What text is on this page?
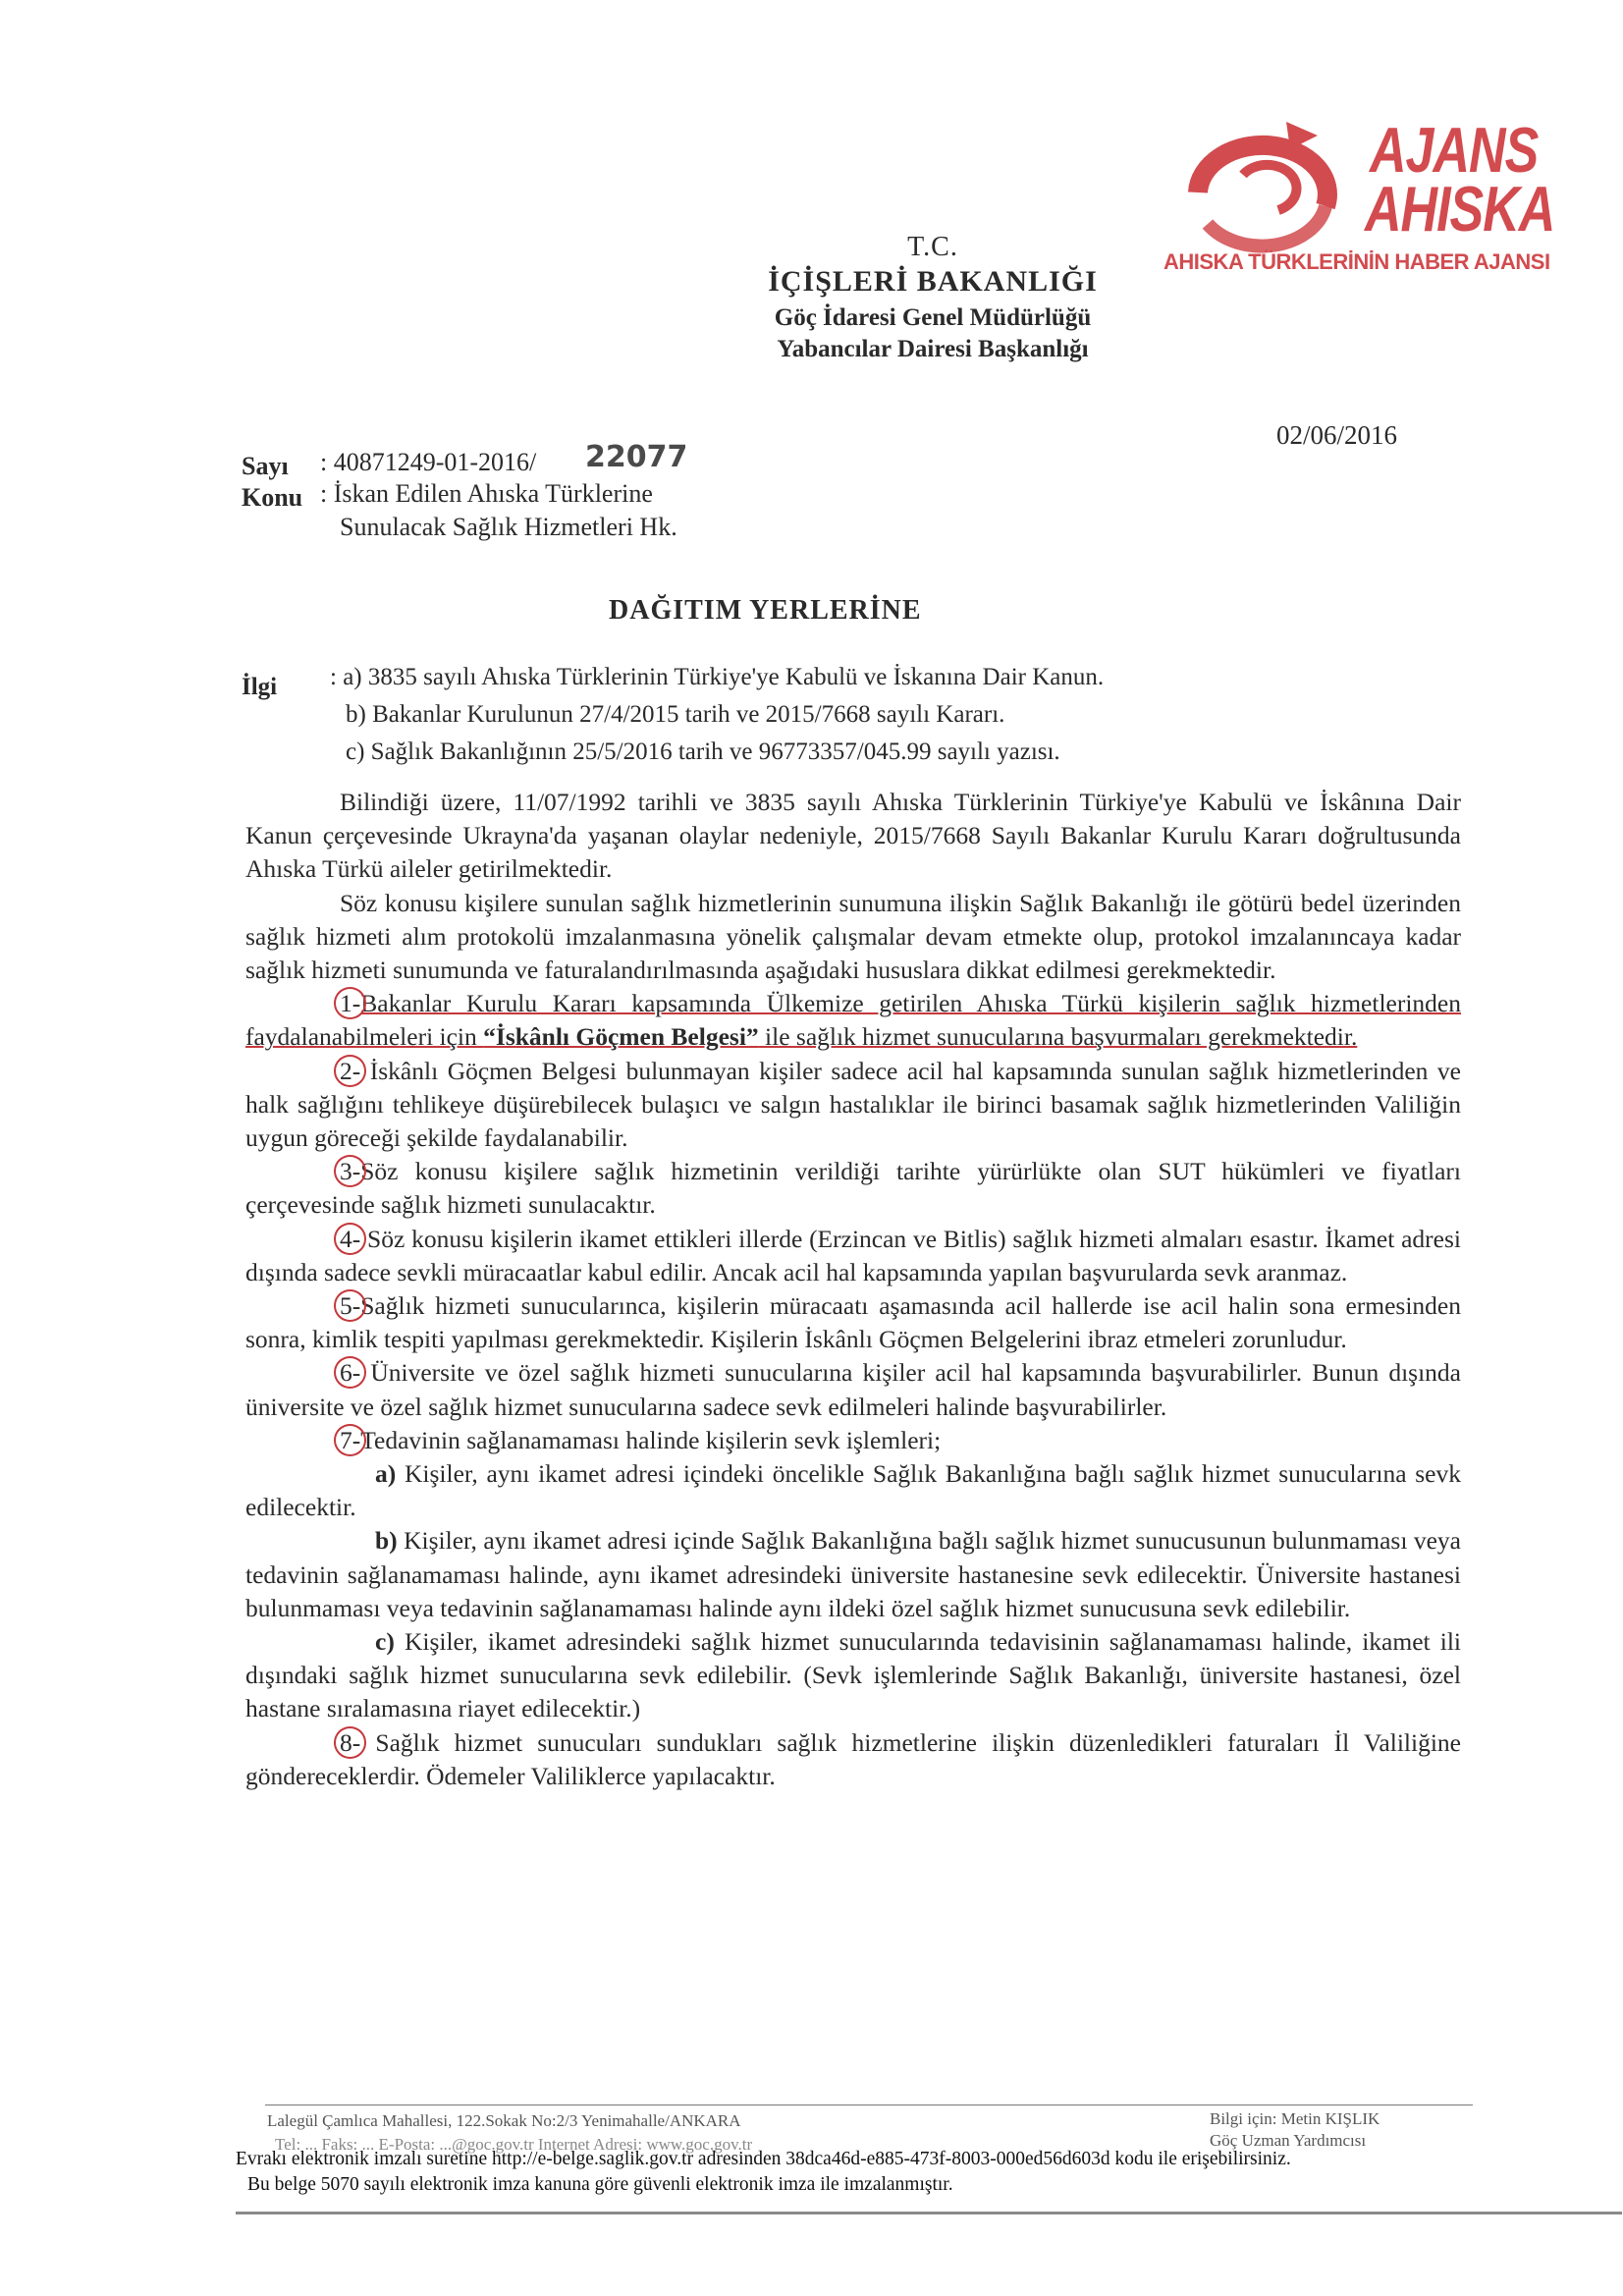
AJANS
AHISKA
AHISKA TÜRKLERİNİN HABER AJANSI
T.C.
İÇİŞLERİ BAKANLIĞI
Göç İdaresi Genel Müdürlüğü
Yabancılar Dairesi Başkanlığı
Sayı : 40871249-01-2016/ 22077
02/06/2016
Konu : İskan Edilen Ahıska Türklerine
Sunulacak Sağlık Hizmetleri Hk.
DAĞITIM YERLERİNE
İlgi : a) 3835 sayılı Ahıska Türklerinin Türkiye'ye Kabulü ve İskanına Dair Kanun.
b) Bakanlar Kurulunun 27/4/2015 tarih ve 2015/7668 sayılı Kararı.
c) Sağlık Bakanlığının 25/5/2016 tarih ve 96773357/045.99 sayılı yazısı.

Bilindiği üzere, 11/07/1992 tarihli ve 3835 sayılı Ahıska Türklerinin Türkiye'ye Kabulü ve İskânına Dair Kanun çerçevesinde Ukrayna'da yaşanan olaylar nedeniyle, 2015/7668 Sayılı Bakanlar Kurulu Kararı doğrultusunda Ahıska Türkü aileler getirilmektedir.

Söz konusu kişilere sunulan sağlık hizmetlerinin sunumuna ilişkin Sağlık Bakanlığı ile götürü bedel üzerinden sağlık hizmeti alım protokolü imzalanmasına yönelik çalışmalar devam etmekte olup, protokol imzalanıncaya kadar sağlık hizmeti sunumunda ve faturalandırılmasında aşağıdaki hususlara dikkat edilmesi gerekmektedir.

1-Bakanlar Kurulu Kararı kapsamında Ülkemize getirilen Ahıska Türkü kişilerin sağlık hizmetlerinden faydalanabilmeleri için “İskânlı Göçmen Belgesi” ile sağlık hizmet sunucularına başvurmaları gerekmektedir.

2- İskânlı Göçmen Belgesi bulunmayan kişiler sadece acil hal kapsamında sunulan sağlık hizmetlerinden ve halk sağlığını tehlikeye düşürebilecek bulaşıcı ve salgın hastalıklar ile birinci basamak sağlık hizmetlerinden Valiliğin uygun göreceği şekilde faydalanabilir.

3-Söz konusu kişilere sağlık hizmetinin verildiği tarihte yürürlükte olan SUT hükümleri ve fiyatları çerçevesinde sağlık hizmeti sunulacaktır.

4- Söz konusu kişilerin ikamet ettikleri illerde (Erzincan ve Bitlis) sağlık hizmeti almaları esastır. İkamet adresi dışında sadece sevkli müracaatlar kabul edilir. Ancak acil hal kapsamında yapılan başvurularda sevk aranmaz.

5-Sağlık hizmeti sunucularınca, kişilerin müracaatı aşamasında acil hallerde ise acil halin sona ermesinden sonra, kimlik tespiti yapılması gerekmektedir. Kişilerin İskânlı Göçmen Belgelerini ibraz etmeleri zorunludur.

6- Üniversite ve özel sağlık hizmeti sunucularına kişiler acil hal kapsamında başvurabilirler. Bunun dışında üniversite ve özel sağlık hizmet sunucularına sadece sevk edilmeleri halinde başvurabilirler.

7-Tedavinin sağlanamaması halinde kişilerin sevk işlemleri;

a) Kişiler, aynı ikamet adresi içindeki öncelikle Sağlık Bakanlığına bağlı sağlık hizmet sunucularına sevk edilecektir.

b) Kişiler, aynı ikamet adresi içinde Sağlık Bakanlığına bağlı sağlık hizmet sunucusunun bulunmaması veya tedavinin sağlanamaması halinde, aynı ikamet adresindeki üniversite hastanesine sevk edilecektir. Üniversite hastanesi bulunmaması veya tedavinin sağlanamaması halinde aynı ildeki özel sağlık hizmet sunucusuna sevk edilebilir.

c) Kişiler, ikamet adresindeki sağlık hizmet sunucularında tedavisinin sağlanamaması halinde, ikamet ili dışındaki sağlık hizmet sunucularına sevk edilebilir. (Sevk işlemlerinde Sağlık Bakanlığı, üniversite hastanesi, özel hastane sıralamasına riayet edilecektir.)

8- Sağlık hizmet sunucuları sundukları sağlık hizmetlerine ilişkin düzenledikleri faturaları İl Valiliğine göndereceklerdir. Ödemeler Valiliklerce yapılacaktır.

Lalegül Çamlıca Mahallesi, 122.Sokak No:2/3 Yenimahalle/ANKARA
Tel: ... Faks: ... E-Posta: ...@goc.gov.tr Internet Adresi: www.goc.gov.tr
Bilgi için: Metin KIŞLIK
Göç Uzman Yardımcısı
Evrakı elektronik imzalı suretine http://e-belge.saglik.gov.tr adresinden 38dca46d-e885-473f-8003-000ed56d603d kodu ile erişebilirsiniz.
Bu belge 5070 sayılı elektronik imza kanuna göre güvenli elektronik imza ile imzalanmıştır.
